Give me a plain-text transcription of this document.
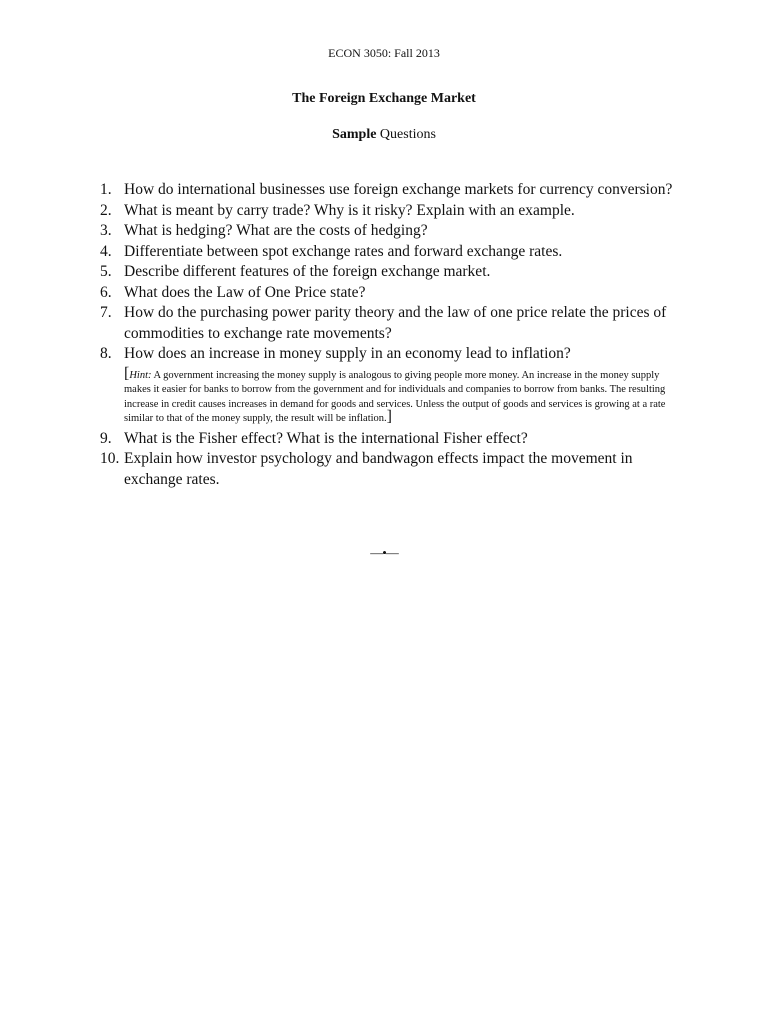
ECON 3050: Fall 2013
The Foreign Exchange Market
Sample Questions
1. How do international businesses use foreign exchange markets for currency conversion?
2. What is meant by carry trade? Why is it risky? Explain with an example.
3. What is hedging? What are the costs of hedging?
4. Differentiate between spot exchange rates and forward exchange rates.
5. Describe different features of the foreign exchange market.
6. What does the Law of One Price state?
7. How do the purchasing power parity theory and the law of one price relate the prices of commodities to exchange rate movements?
8. How does an increase in money supply in an economy lead to inflation?
[Hint: A government increasing the money supply is analogous to giving people more money. An increase in the money supply makes it easier for banks to borrow from the government and for individuals and companies to borrow from banks. The resulting increase in credit causes increases in demand for goods and services. Unless the output of goods and services is growing at a rate similar to that of the money supply, the result will be inflation.]
9. What is the Fisher effect? What is the international Fisher effect?
10. Explain how investor psychology and bandwagon effects impact the movement in exchange rates.
—•—
